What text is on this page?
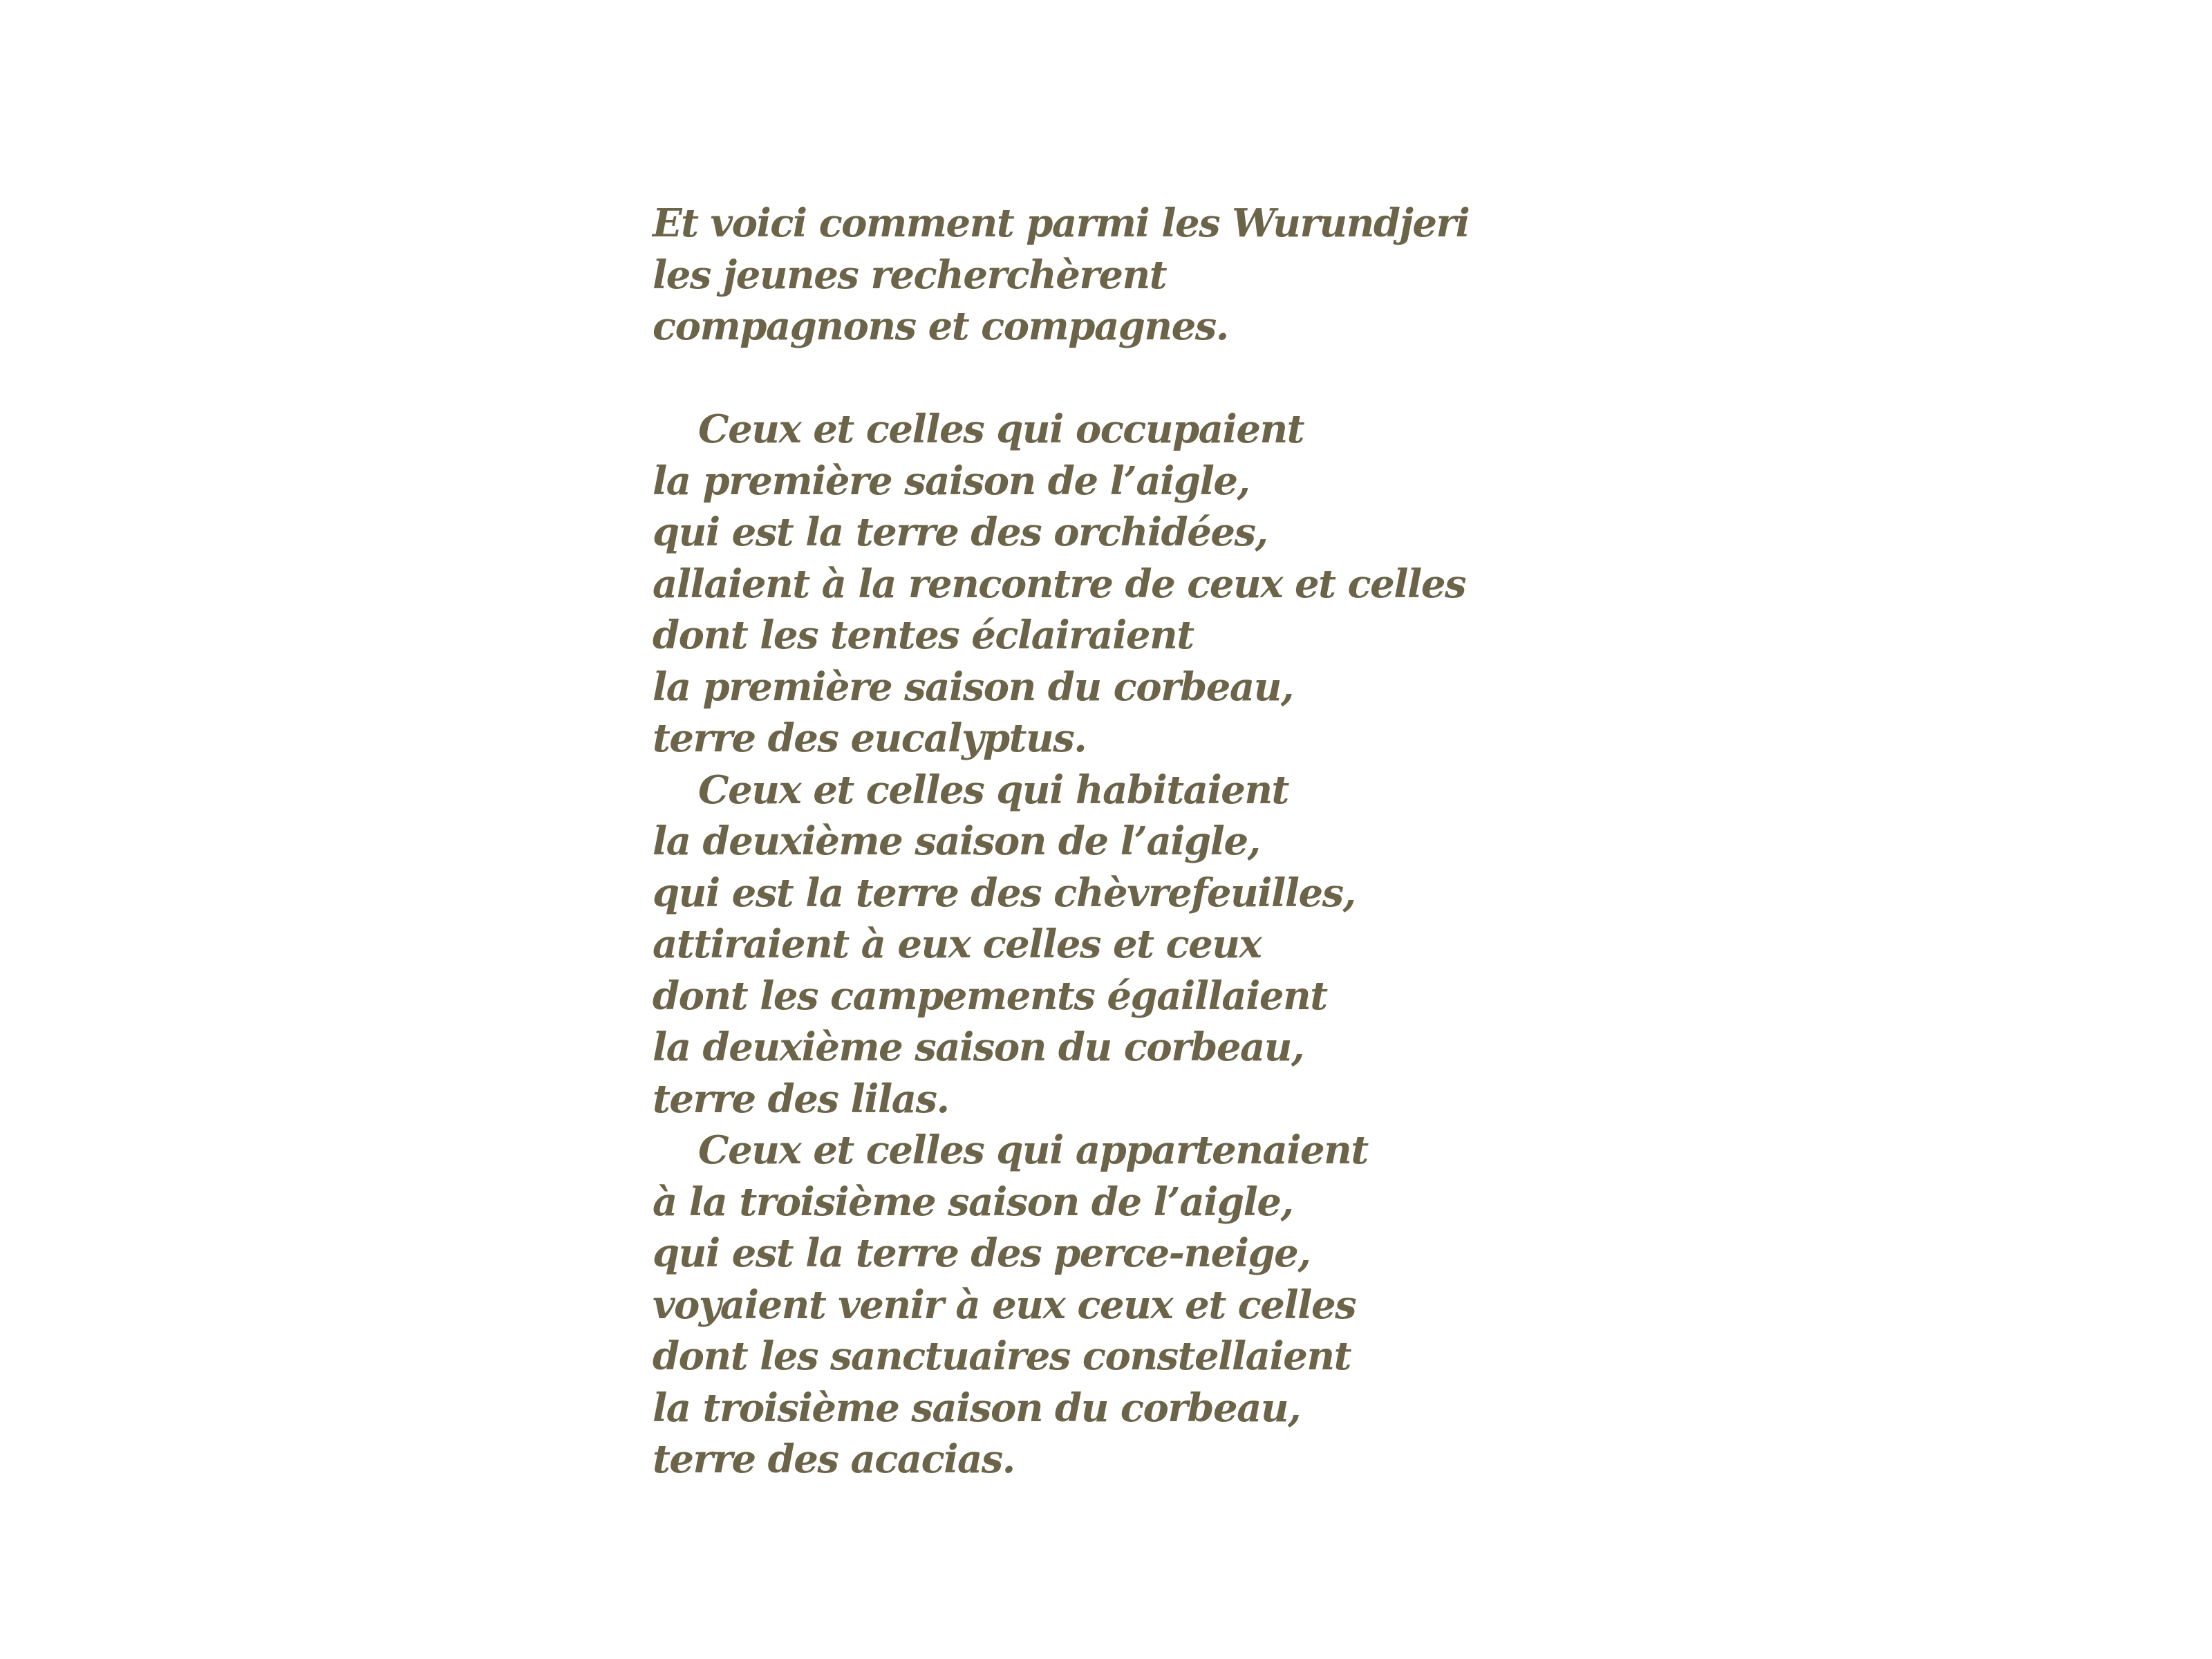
Et voici comment parmi les Wurundjeri
les jeunes recherchèrent
compagnons et compagnes.
Ceux et celles qui occupaient
la première saison de l’aigle,
qui est la terre des orchidées,
allaient à la rencontre de ceux et celles
dont les tentes éclairaient
la première saison du corbeau,
terre des eucalyptus.
Ceux et celles qui habitaient
la deuxième saison de l’aigle,
qui est la terre des chèvrefeuilles,
attiraient à eux celles et ceux
dont les campements égaillaient
la deuxième saison du corbeau,
terre des lilas.
Ceux et celles qui appartenaient
à la troisième saison de l’aigle,
qui est la terre des perce-neige,
voyaient venir à eux ceux et celles
dont les sanctuaires constellaient
la troisième saison du corbeau,
terre des acacias.
